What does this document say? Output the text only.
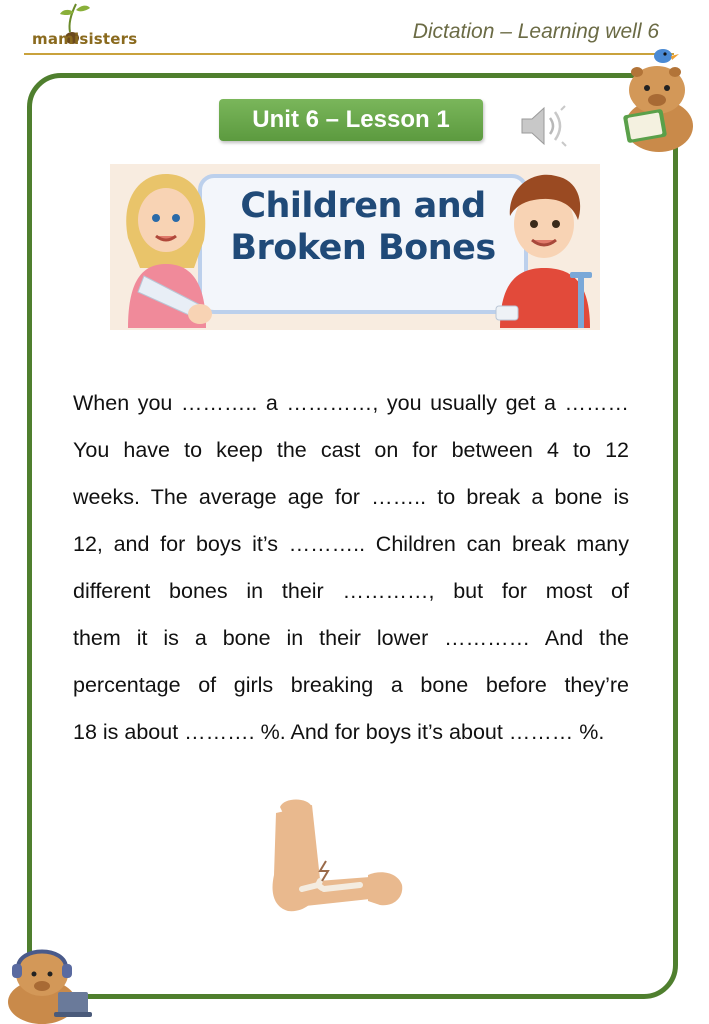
mamisisters	Dictation – Learning well 6
Unit 6 – Lesson 1
Children and
Broken Bones
When you ……….. a …………, you usually get a ………
You have to keep the cast on for between 4 to 12
weeks. The average age for …….. to break a bone is
12, and for boys it’s ……….. Children can break many
different bones in their …………, but for most of
them it is a bone in their lower ………… And the
percentage of girls breaking a bone before they’re
18 is about ………. %. And for boys it’s about ……… %.
